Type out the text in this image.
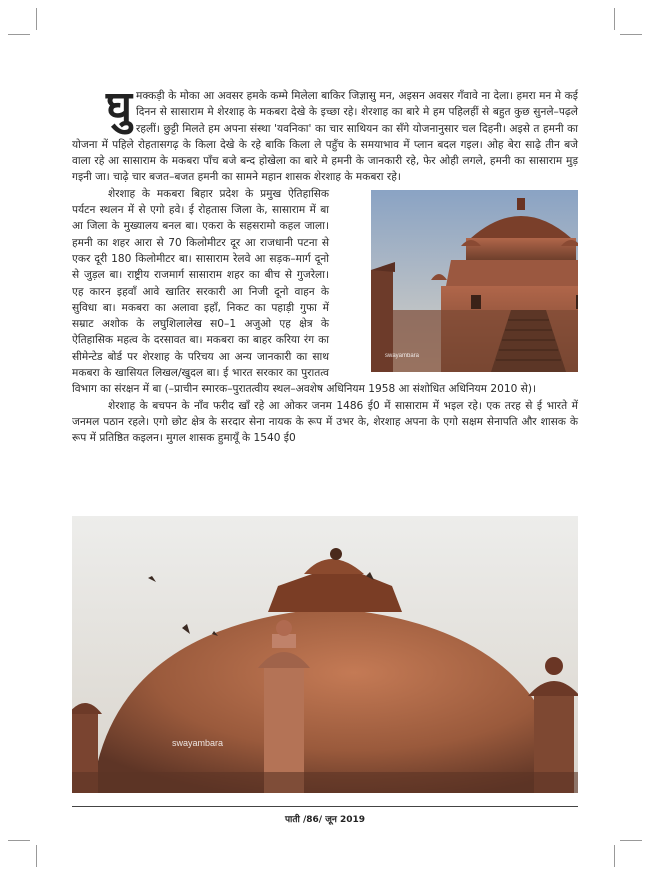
घुमक्कड़ी के मोका आ अवसर हमके कम्मे मिलेला बाकिर जिज्ञासु मन, अइसन अवसर गँवावे ना देला। हमरा मन मे कई दिनन से सासाराम मे शेरशाह के मकबरा देखे के इच्छा रहे। शेरशाह का बारे मे हम पहिलहीं से बहुत कुछ सुनले–पढ़ले रहलीं। छुट्टी मिलते हम अपना संस्था 'यवनिका' का चार साथियन का सँगे योजनानुसार चल दिहनी। अइसे त हमनी का योजना में पहिले रोहतासगढ़ के किला देखे के रहे बाकि किला ले पहुँच के समयाभाव में प्लान बदल गइल। ओह बेरा साढ़े तीन बजे वाला रहे आ सासाराम के मकबरा पाँच बजे बन्द होखेला का बारे मे हमनी के जानकारी रहे, फेर ओही लगले, हमनी का सासाराम मुड़ गइनी जा। चाढ़े चार बजत–बजत हमनी का सामने महान शासक शेरशाह के मकबरा रहे।

swayambara
शेरशाह के मकबरा बिहार प्रदेश के प्रमुख ऐतिहासिक पर्यटन स्थलन में से एगो हवे। ई रोहतास जिला के, सासाराम में बा आ जिला के मुख्यालय बनल बा। एकरा के सहसरामो कहल जाला। हमनी का शहर आरा से 70 किलोमीटर दूर आ राजधानी पटना से एकर दूरी 180 किलोमीटर बा। सासाराम रेलवे आ सड़क–मार्ग दूनो से जुड़ल बा। राष्ट्रीय राजमार्ग सासाराम शहर का बीच से गुजरेला। एह कारन इहवाँ आवे खातिर सरकारी आ निजी दूनो वाहन के सुविधा बा। मकबरा का अलावा इहाँ, निकट का पहाड़ी गुफा में सम्राट अशोक के लघुशिलालेख स0–1 अजुओ एह क्षेत्र के ऐतिहासिक महत्व के दरसावत बा। मकबरा का बाहर करिया रंग का सीमेन्टेड बोर्ड पर शेरशाह के परिचय आ अन्य जानकारी का साथ मकबरा के खासियत लिखल/खुदल बा। ई भारत सरकार का पुरातत्व विभाग का संरक्षन में बा (–प्राचीन स्मारक–पुरातत्वीय स्थल–अवशेष अधिनियम 1958 आ संशोधित अधिनियम 2010 से)।

शेरशाह के बचपन के नाँव फरीद खाँ रहे आ ओकर जनम 1486 ई0 में सासाराम में भइल रहे। एक तरह से ई भारते में जनमल पठान रहले। एगो छोट क्षेत्र के सरदार सेना नायक के रूप में उभर के, शेरशाह अपना के एगो सक्षम सेनापति और शासक के रूप में प्रतिष्ठित कइलन। मुगल शासक हुमायूँ के 1540 ई0

swayambara
पाती /86/ जून 2019
